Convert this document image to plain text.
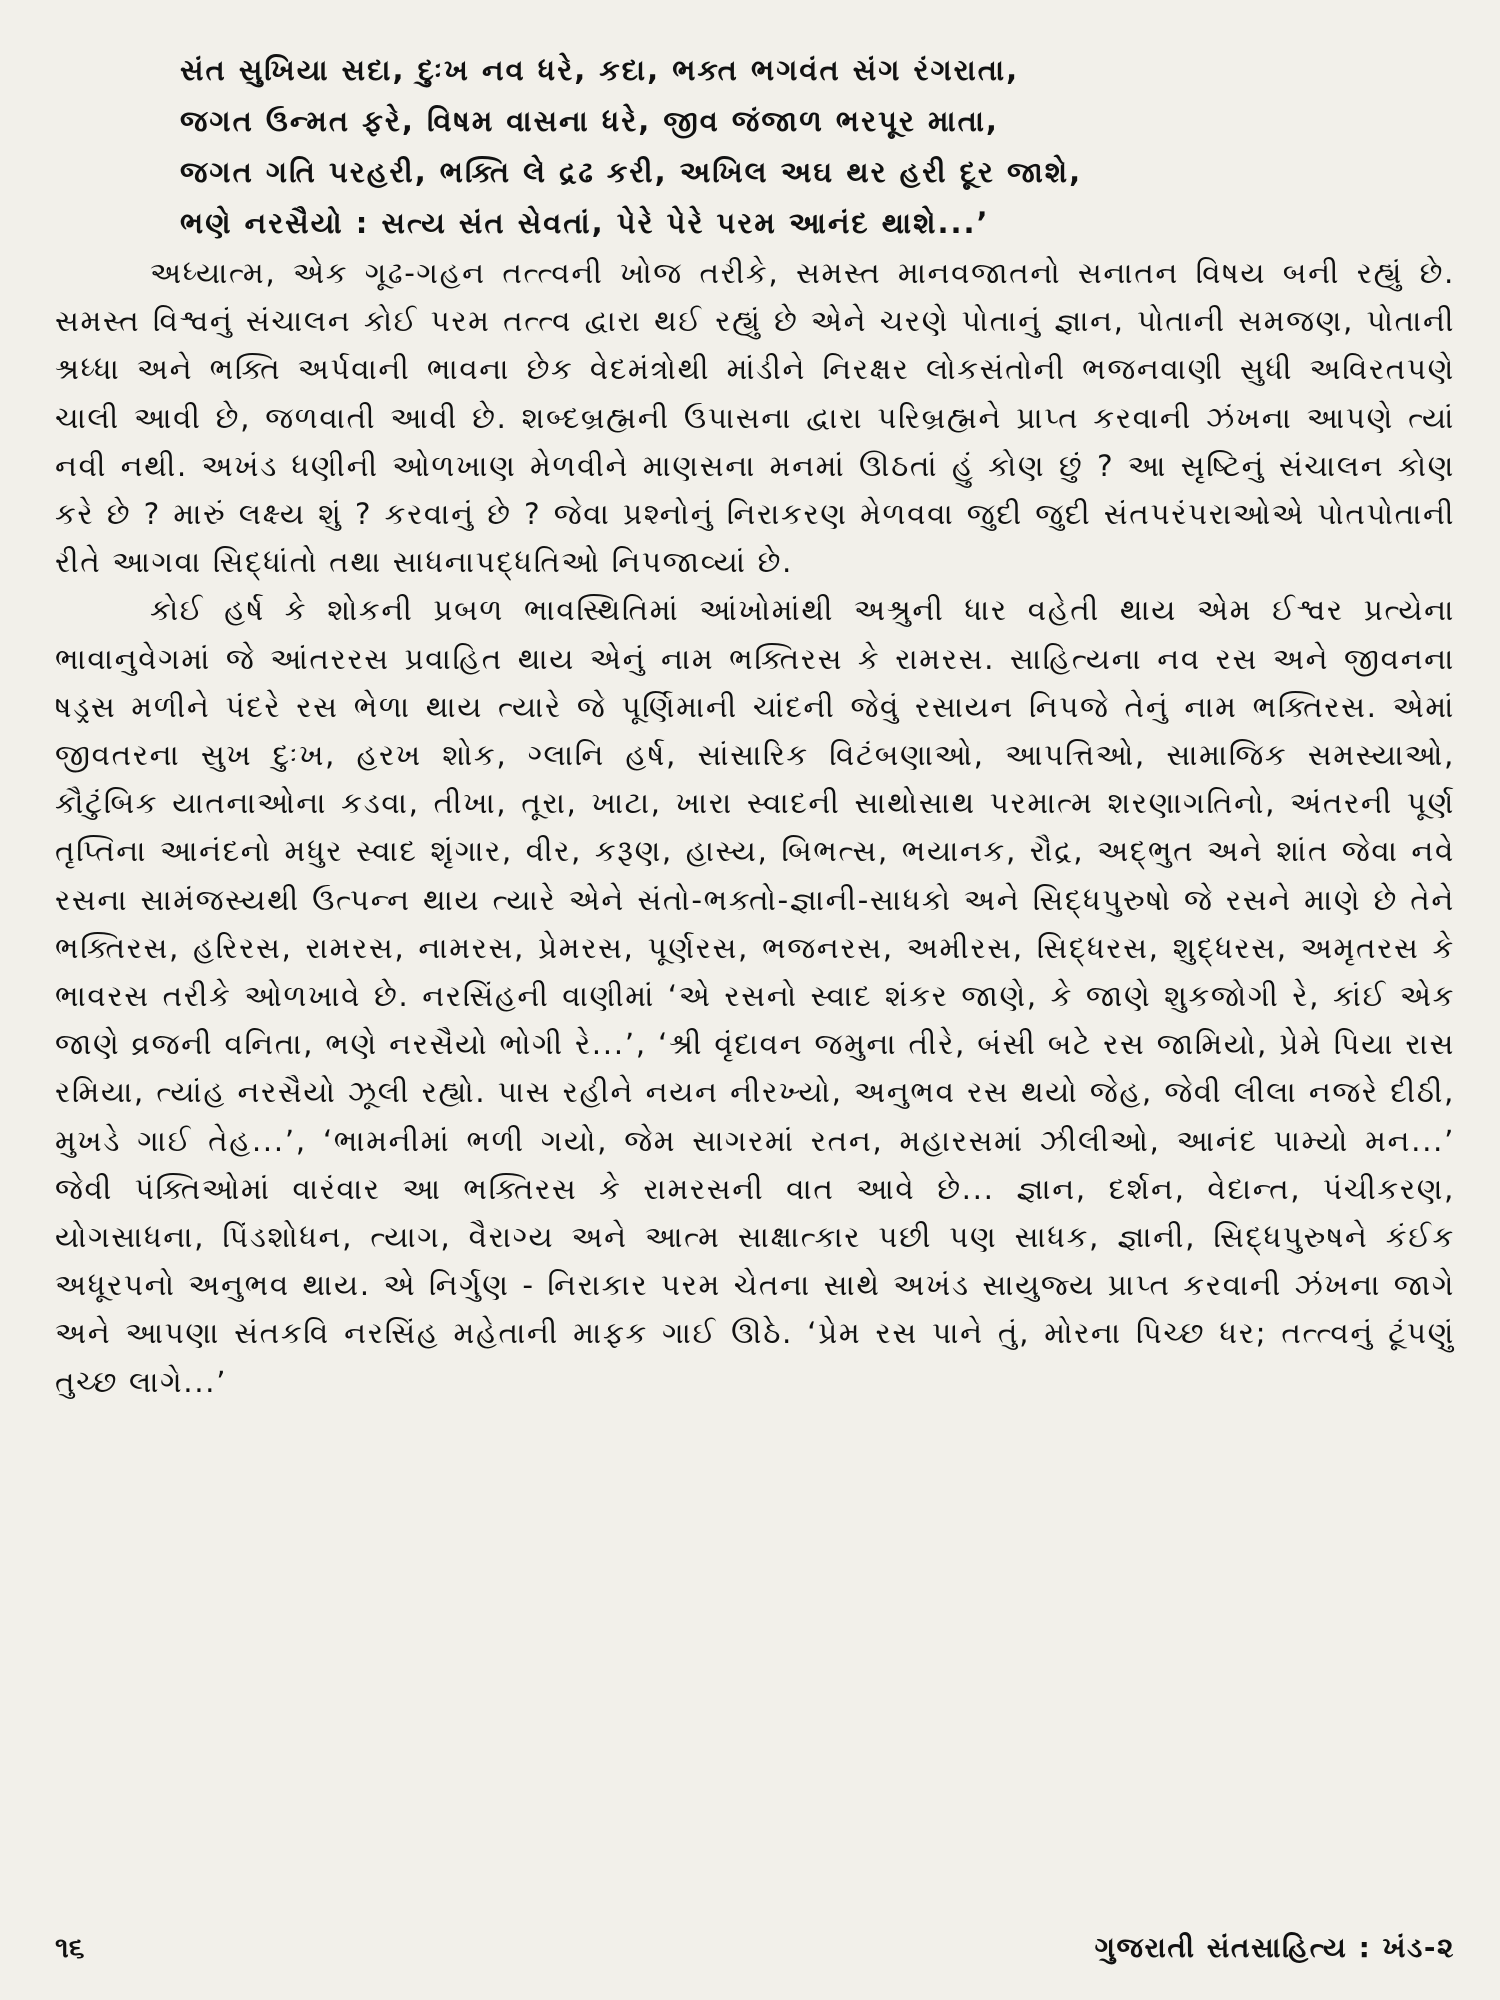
સંત સુખિયા સદા, દુઃખ નવ ધરે, કદા, ભક્ત ભગવંત સંગ રંગરાતા,
જગત ઉન્મત ફરે, વિષમ વાસના ધરે, જીવ જંજાળ ભરપૂર માતા,
જગત ગતિ પરહરી, ભક્તિ લે દ્રઢ કરી, અખિલ અઘ થર હરી દૂર જાશે,
ભણે નરસૈયો : સત્ય સંત સેવતાં, પેરે પેરે પરમ આનંદ થાશે...’

અધ્યાત્મ, એક ગૂઢ-ગહન તત્ત્વની ખોજ તરીકે, સમસ્ત માનવજાતનો સનાતન વિષય બની રહ્યું છે. સમસ્ત વિશ્વનું સંચાલન કોઈ પરમ તત્ત્વ દ્વારા થઈ રહ્યું છે એને ચરણે પોતાનું જ્ઞાન, પોતાની સમજણ, પોતાની શ્રધ્ધા અને ભક્તિ અર્પવાની ભાવના છેક વેદમંત્રોથી માંડીને નિરક્ષર લોકસંતોની ભજનવાણી સુધી અવિરતપણે ચાલી આવી છે, જળવાતી આવી છે. શબ્દબ્રહ્મની ઉપાસના દ્વારા પરિબ્રહ્મને પ્રાપ્ત કરવાની ઝંખના આપણે ત્યાં નવી નથી. અખંડ ધણીની ઓળખાણ મેળવીને માણસના મનમાં ઊઠતાં હું કોણ છું ? આ સૃષ્ટિનું સંચાલન કોણ કરે છે ? મારું લક્ષ્ય શું ? કરવાનું છે ? જેવા પ્રશ્નોનું નિરાકરણ મેળવવા જુદી જુદી સંતપરંપરાઓએ પોતપોતાની રીતે આગવા સિદ્ધાંતો તથા સાધનાપદ્ધતિઓ નિપજાવ્યાં છે.

કોઈ હર્ષ કે શોકની પ્રબળ ભાવસ્થિતિમાં આંખોમાંથી અશ્રુની ધાર વહેતી થાય એમ ઈશ્વર પ્રત્યેના ભાવાનુવેગમાં જે આંતરરસ પ્રવાહિત થાય એનું નામ ભક્તિરસ કે રામરસ. સાહિત્યના નવ રસ અને જીવનના ષડ્રસ મળીને પંદરે રસ ભેળા થાય ત્યારે જે પૂર્ણિમાની ચાંદની જેવું રસાયન નિપજે તેનું નામ ભક્તિરસ. એમાં જીવતરના સુખ દુઃખ, હરખ શોક, ગ્લાનિ હર્ષ, સાંસારિક વિટંબણાઓ, આપત્તિઓ, સામાજિક સમસ્યાઓ, કૌટુંબિક યાતનાઓના કડવા, તીખા, તૂરા, ખાટા, ખારા સ્વાદની સાથોસાથ પરમાત્મ શરણાગતિનો, અંતરની પૂર્ણ તૃપ્તિના આનંદનો મધુર સ્વાદ શૃંગાર, વીર, કરૂણ, હાસ્ય, બિભત્સ, ભયાનક, રૌદ્ર, અદ્ભુત અને શાંત જેવા નવે રસના સામંજસ્યથી ઉત્પન્ન થાય ત્યારે એને સંતો-ભક્તો-જ્ઞાની-સાધકો અને સિદ્ધપુરુષો જે રસને માણે છે તેને ભક્તિરસ, હરિરસ, રામરસ, નામરસ, પ્રેમરસ, પૂર્ણરસ, ભજનરસ, અમીરસ, સિદ્ધરસ, શુદ્ધરસ, અમૃતરસ કે ભાવરસ તરીકે ઓળખાવે છે. નરસિંહની વાણીમાં ‘એ રસનો સ્વાદ શંકર જાણે, કે જાણે શુકજોગી રે, કાંઈ એક જાણે વ્રજની વનિતા, ભણે નરસૈયો ભોગી રે...’, ‘શ્રી વૃંદાવન જમુના તીરે, બંસી બટે રસ જામિયો, પ્રેમે પિયા રાસ રમિયા, ત્યાંહ નરસૈયો ઝૂલી રહ્યો. પાસ રહીને નયન નીરખ્યો, અનુભવ રસ થયો જેહ, જેવી લીલા નજરે દીઠી, મુખડે ગાઈ તેહ...’, ‘ભામનીમાં ભળી ગયો, જેમ સાગરમાં રતન, મહારસમાં ઝીલીઓ, આનંદ પામ્યો મન...’ જેવી પંક્તિઓમાં વારંવાર આ ભક્તિરસ કે રામરસની વાત આવે છે... જ્ઞાન, દર્શન, વેદાન્ત, પંચીકરણ, યોગસાધના, પિંડશોધન, ત્યાગ, વૈરાગ્ય અને આત્મ સાક્ષાત્કાર પછી પણ સાધક, જ્ઞાની, સિદ્ધપુરુષને કંઈક અધૂરપનો અનુભવ થાય. એ નિર્ગુણ - નિરાકાર પરમ ચેતના સાથે અખંડ સાયુજ્ય પ્રાપ્ત કરવાની ઝંખના જાગે અને આપણા સંતકવિ નરસિંહ મહેતાની માફક ગાઈ ઊઠે. ‘પ્રેમ રસ પાને તું, મોરના પિચ્છ ધર; તત્ત્વનું ટૂંપણું તુચ્છ લાગે...’

૧૬	ગુજરાતી સંતસાહિત્ય : ખંડ-૨
